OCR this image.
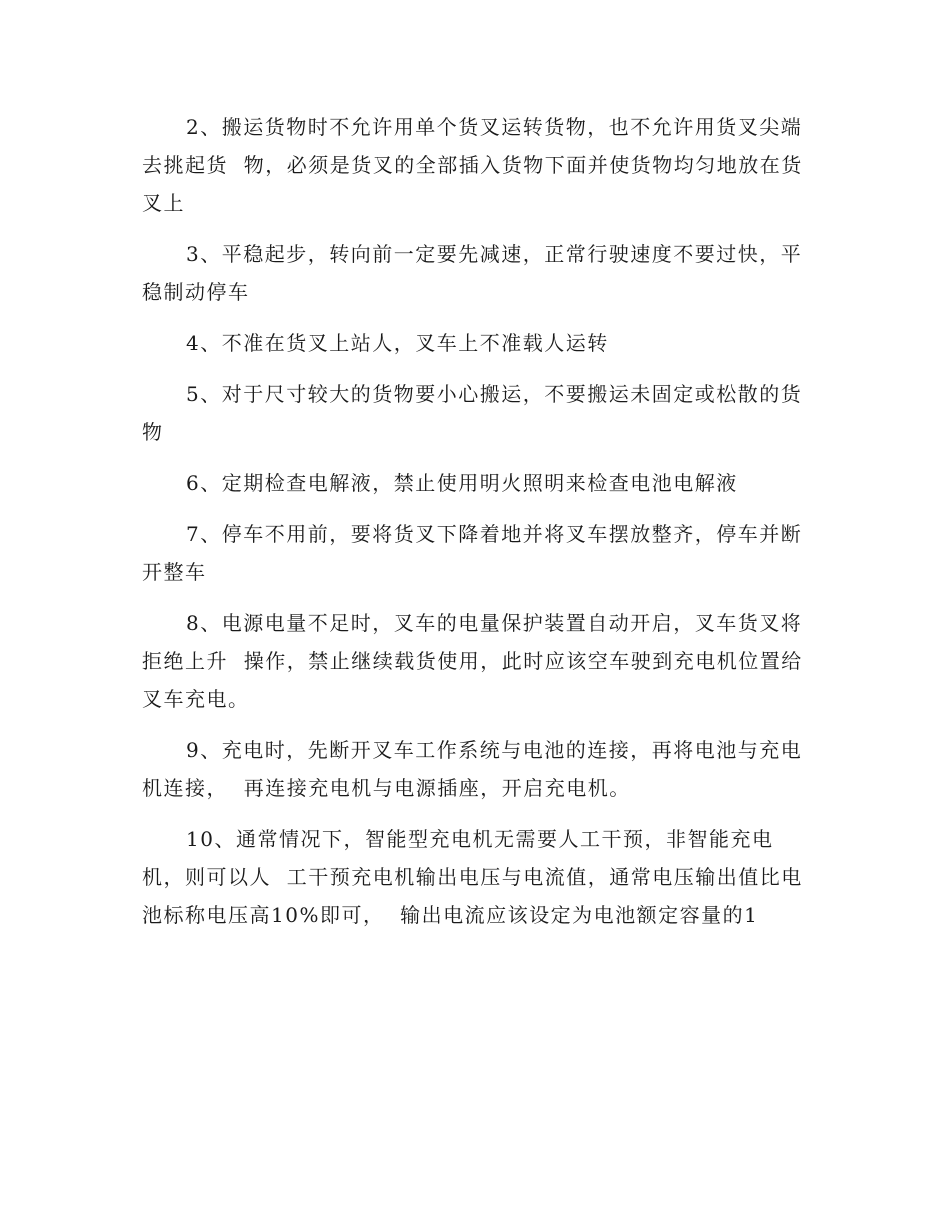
2、搬运货物时不允许用单个货叉运转货物，也不允许用货叉尖端去挑起货  物，必须是货叉的全部插入货物下面并使货物均匀地放在货叉上

3、平稳起步，转向前一定要先减速，正常行驶速度不要过快，平稳制动停车

4、不准在货叉上站人，叉车上不准载人运转

5、对于尺寸较大的货物要小心搬运，不要搬运未固定或松散的货物

6、定期检查电解液，禁止使用明火照明来检查电池电解液

7、停车不用前，要将货叉下降着地并将叉车摆放整齐，停车并断开整车

8、电源电量不足时，叉车的电量保护装置自动开启，叉车货叉将拒绝上升  操作，禁止继续载货使用，此时应该空车驶到充电机位置给叉车充电。

9、充电时，先断开叉车工作系统与电池的连接，再将电池与充电机连接，  再连接充电机与电源插座，开启充电机。

10、通常情况下，智能型充电机无需要人工干预，非智能充电机，则可以人  工干预充电机输出电压与电流值，通常电压输出值比电池标称电压高10%即可，  输出电流应该设定为电池额定容量的1
